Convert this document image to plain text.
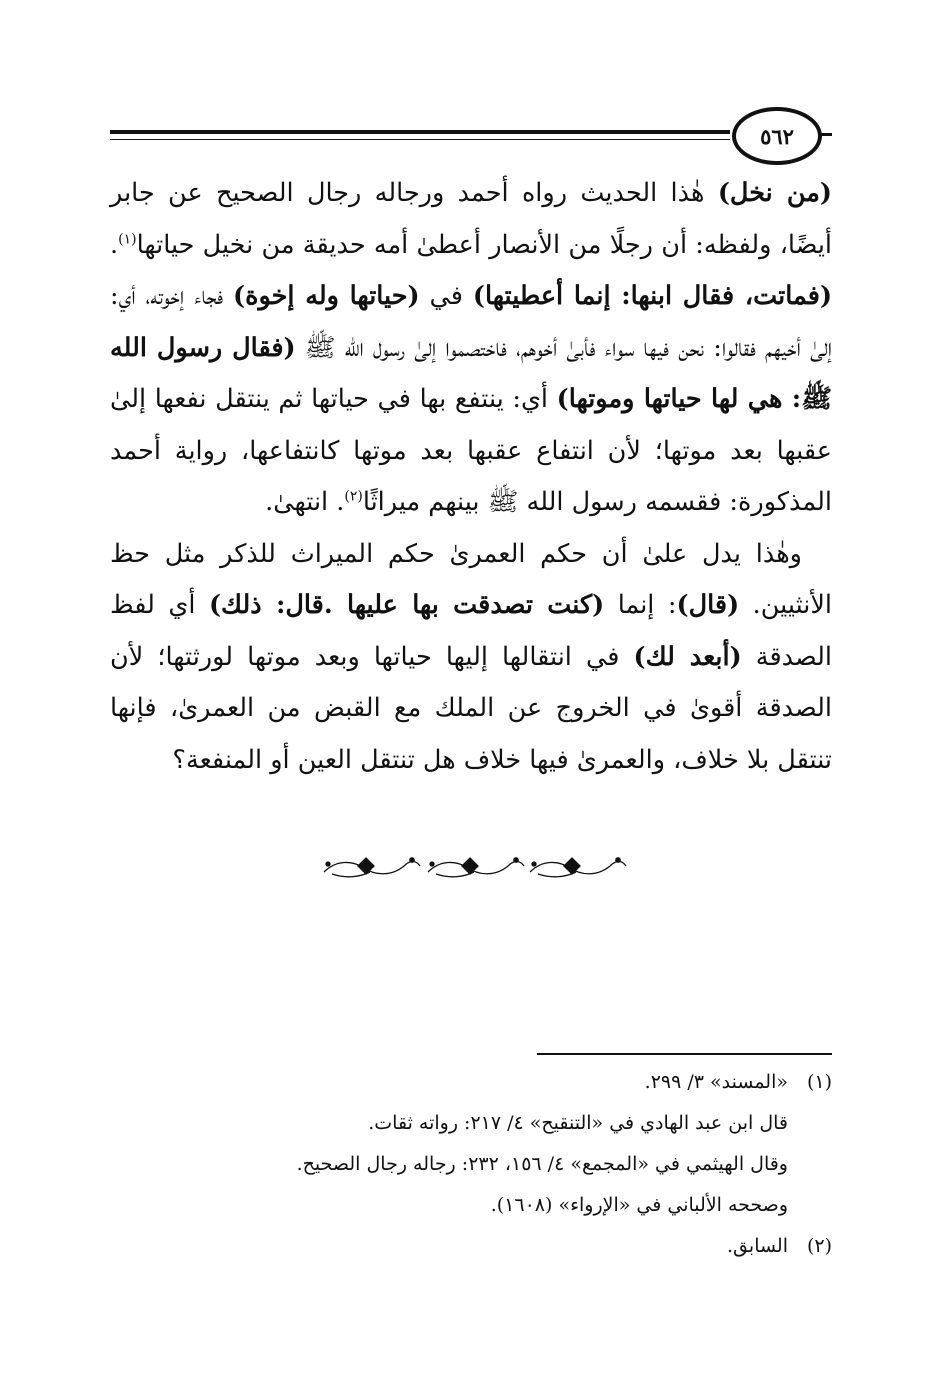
٥٦٢

(من نخل) هٰذا الحديث رواه أحمد ورجاله رجال الصحيح عن جابر أيضًا، ولفظه: أن رجلًا من الأنصار أعطىٰ أمه حديقة من نخيل حياتها$^{(١)}$. (فماتت، فقال ابنها: إنما أعطيتها) في (حياتها وله إخوة) فجاء إخوته، أي: إلىٰ أخيهم فقالوا: نحن فيها سواء فأبىٰ أخوهم، فاختصموا إلىٰ رسول الله ﷺ (فقال رسول الله ﷺ: هي لها حياتها وموتها) أي: ينتفع بها في حياتها ثم ينتقل نفعها إلىٰ عقبها بعد موتها؛ لأن انتفاع عقبها بعد موتها كانتفاعها، رواية أحمد المذكورة: فقسمه رسول الله ﷺ بينهم ميراثًا$^{(٢)}$. انتهىٰ.

وهٰذا يدل علىٰ أن حكم العمرىٰ حكم الميراث للذكر مثل حظ الأنثيين. (قال): إنما (كنت تصدقت بها عليها .قال: ذلك) أي لفظ الصدقة (أبعد لك) في انتقالها إليها حياتها وبعد موتها لورثتها؛ لأن الصدقة أقوىٰ في الخروج عن الملك مع القبض من العمرىٰ، فإنها تنتقل بلا خلاف، والعمرىٰ فيها خلاف هل تنتقل العين أو المنفعة؟

(١)«المسند» ٣/ ٢٩٩.

قال ابن عبد الهادي في «التنقيح» ٤/ ٢١٧: رواته ثقات.

وقال الهيثمي في «المجمع» ٤/ ١٥٦، ٢٣٢: رجاله رجال الصحيح.

وصححه الألباني في «الإرواء» (١٦٠٨).

(٢)السابق.
